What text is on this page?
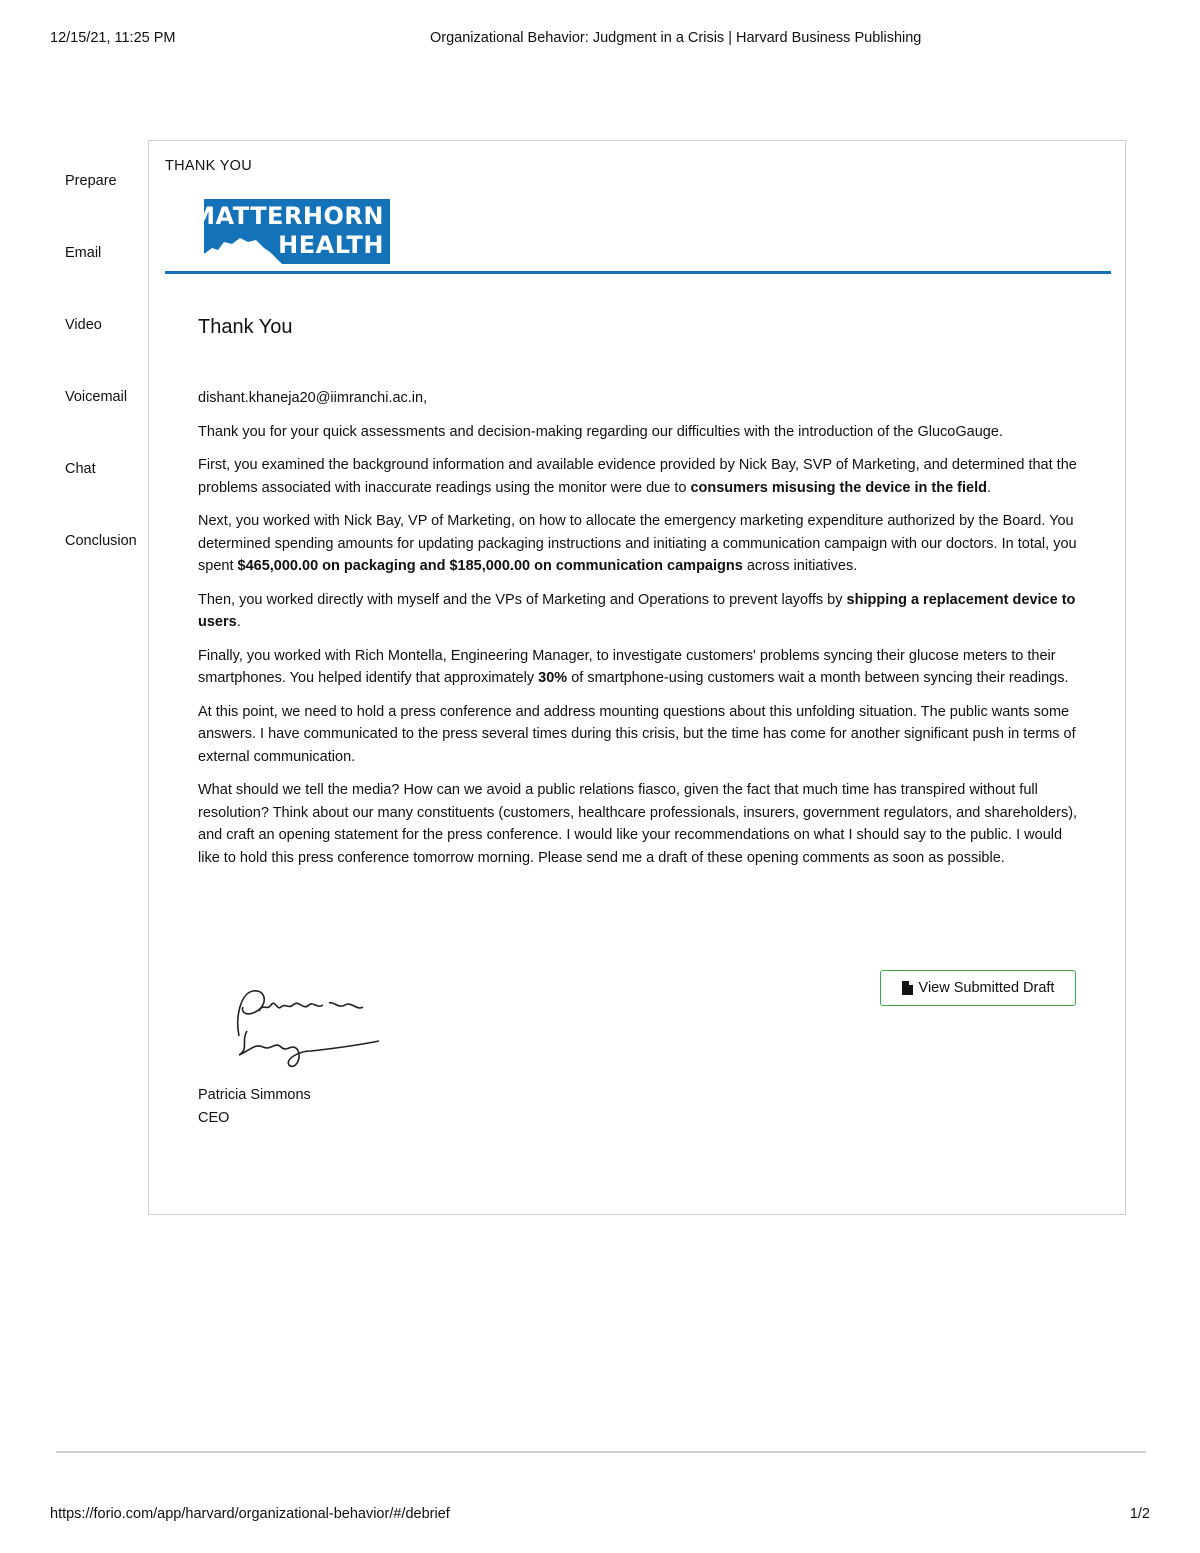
12/15/21, 11:25 PM	Organizational Behavior: Judgment in a Crisis | Harvard Business Publishing
Prepare
Email
Video
Voicemail
Chat
Conclusion
THANK YOU
MATTERHORN
HEALTH
Thank You

dishant.khaneja20@iimranchi.ac.in,

Thank you for your quick assessments and decision-making regarding our difficulties with the introduction of the GlucoGauge.

First, you examined the background information and available evidence provided by Nick Bay, SVP of Marketing, and determined that the problems associated with inaccurate readings using the monitor were due to consumers misusing the device in the field.

Next, you worked with Nick Bay, VP of Marketing, on how to allocate the emergency marketing expenditure authorized by the Board. You determined spending amounts for updating packaging instructions and initiating a communication campaign with our doctors. In total, you spent $465,000.00 on packaging and $185,000.00 on communication campaigns across initiatives.

Then, you worked directly with myself and the VPs of Marketing and Operations to prevent layoffs by shipping a replacement device to users.

Finally, you worked with Rich Montella, Engineering Manager, to investigate customers' problems syncing their glucose meters to their smartphones. You helped identify that approximately 30% of smartphone-using customers wait a month between syncing their readings.

At this point, we need to hold a press conference and address mounting questions about this unfolding situation. The public wants some answers. I have communicated to the press several times during this crisis, but the time has come for another significant push in terms of external communication.

What should we tell the media? How can we avoid a public relations fiasco, given the fact that much time has transpired without full resolution? Think about our many constituents (customers, healthcare professionals, insurers, government regulators, and shareholders), and craft an opening statement for the press conference. I would like your recommendations on what I should say to the public. I would like to hold this press conference tomorrow morning. Please send me a draft of these opening comments as soon as possible.

View Submitted Draft
Patricia Simmons
CEO
https://forio.com/app/harvard/organizational-behavior/#/debrief	1/2
